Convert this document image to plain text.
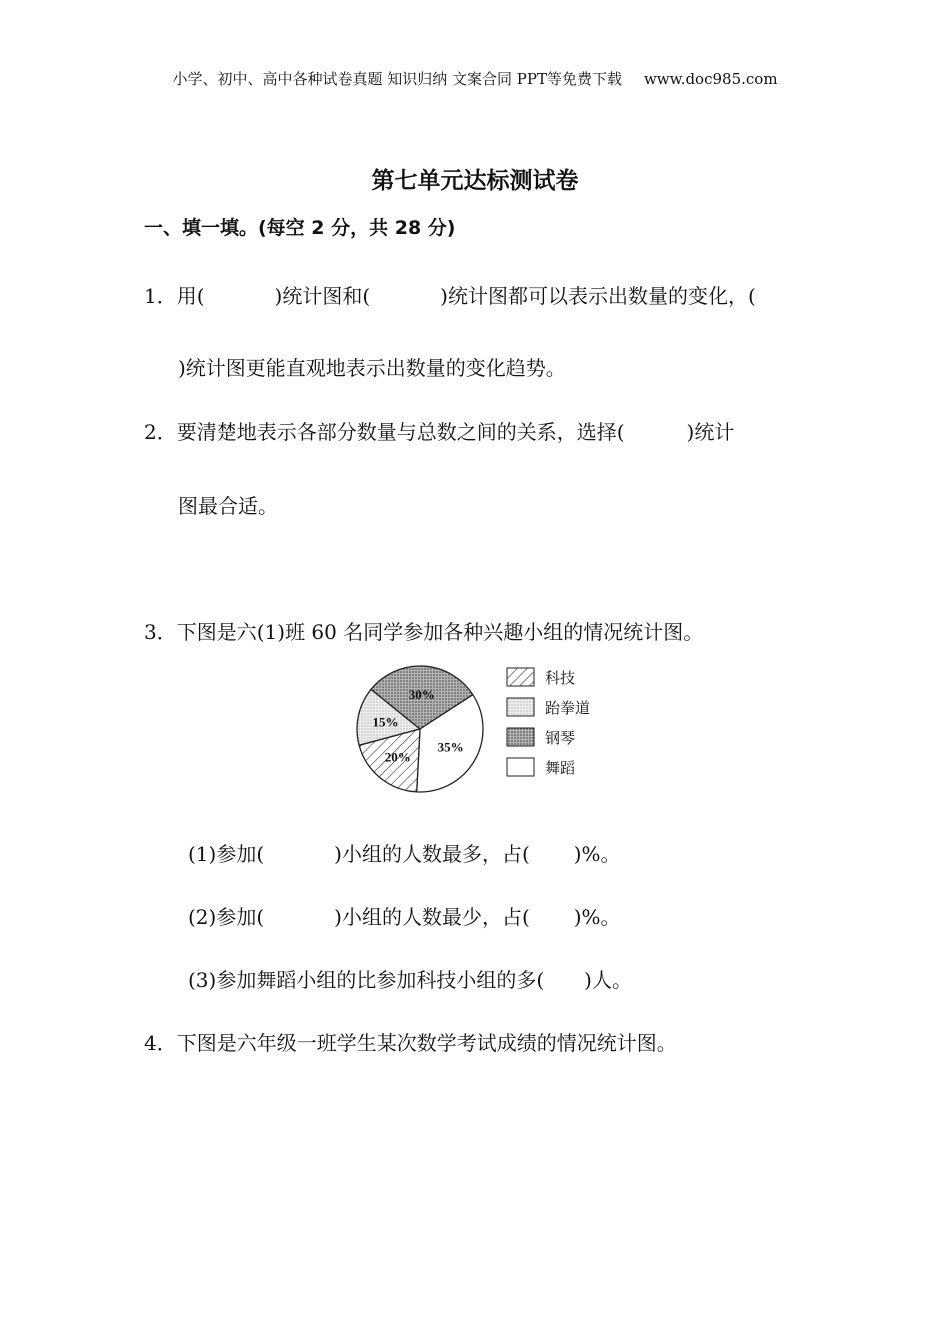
小学、初中、高中各种试卷真题 知识归纳 文案合同 PPT等免费下载 www.doc985.com
第七单元达标测试卷
一、填一填。(每空 2 分，共 28 分)
1．用(	)统计图和(	)统计图都可以表示出数量的变化，(
)统计图更能直观地表示出数量的变化趋势。
2．要清楚地表示各部分数量与总数之间的关系，选择(	)统计
图最合适。
3．下图是六(1)班 60 名同学参加各种兴趣小组的情况统计图。
15%
30%
35%
20%
科技
跆拳道
钢琴
舞蹈
(1)参加(	)小组的人数最多，占( )%。
(2)参加(	)小组的人数最少，占( )%。
(3)参加舞蹈小组的比参加科技小组的多( )人。
4．下图是六年级一班学生某次数学考试成绩的情况统计图。
